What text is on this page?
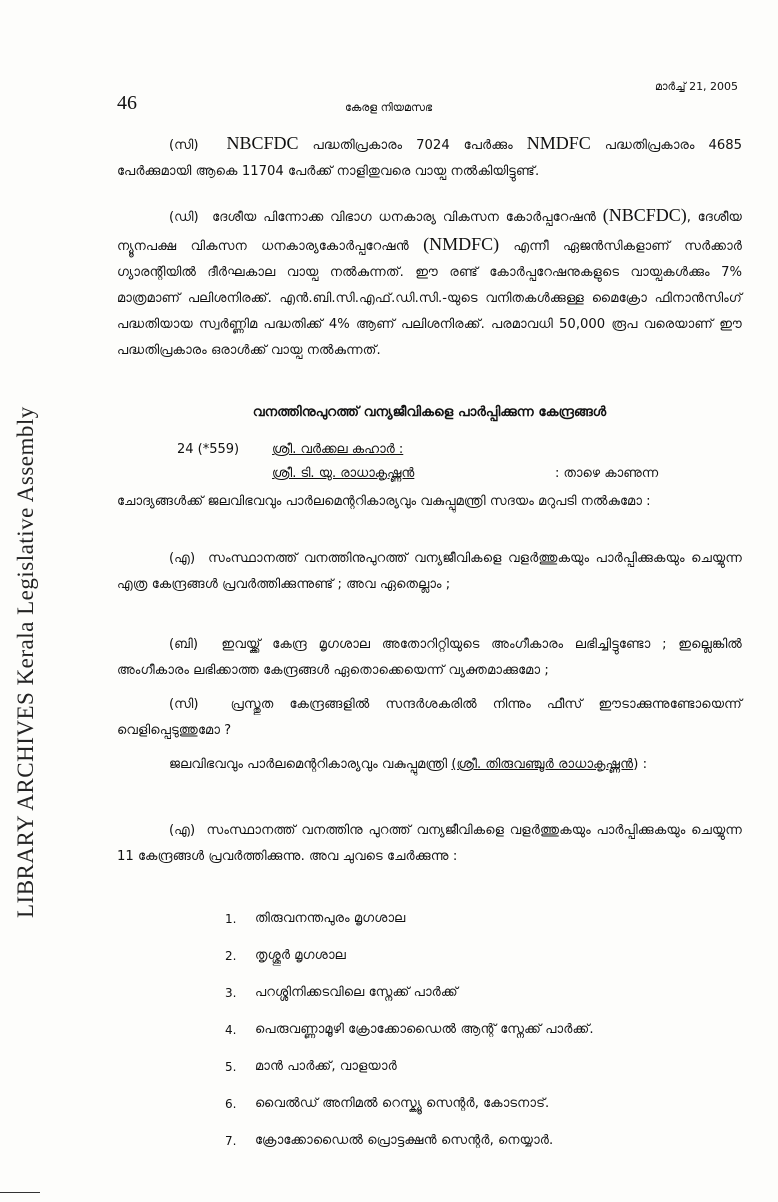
46	കേരള നിയമസഭ
മാർച്ച് 21, 2005
LIBRARY ARCHIVES Kerala Legislative Assembly

(സി) NBCFDC പദ്ധതിപ്രകാരം 7024 പേർക്കും NMDFC പദ്ധതിപ്രകാരം 4685 പേർക്കുമായി ആകെ 11704 പേർക്ക് നാളിതുവരെ വായ്പ നൽകിയിട്ടുണ്ട്.

(ഡി) ദേശീയ പിന്നോക്ക വിഭാഗ ധനകാര്യ വികസന കോർപ്പറേഷൻ (NBCFDC), ദേശീയ ന്യൂനപക്ഷ വികസന ധനകാര്യകോർപ്പറേഷൻ (NMDFC) എന്നീ ഏജൻസികളാണ് സർക്കാർ ഗ്യാരന്റിയിൽ ദീർഘകാല വായ്പ നൽകുന്നത്. ഈ രണ്ട് കോർപ്പറേഷനുകളുടെ വായ്പകൾക്കും 7% മാത്രമാണ് പലിശനിരക്ക്. എൻ.ബി.സി.എഫ്.ഡി.സി.-യുടെ വനിതകൾക്കുള്ള മൈക്രോ ഫിനാൻസിംഗ് പദ്ധതിയായ സ്വർണ്ണിമ പദ്ധതിക്ക് 4% ആണ് പലിശനിരക്ക്. പരമാവധി 50,000 രൂപ വരെയാണ് ഈ പദ്ധതിപ്രകാരം ഒരാൾക്ക് വായ്പ നൽകുന്നത്.

വനത്തിനുപുറത്ത് വന്യജീവികളെ പാർപ്പിക്കുന്ന കേന്ദ്രങ്ങൾ
24 (*559)	ശ്രീ. വർക്കല കഹാർ :
ശ്രീ. ടി. യു. രാധാകൃഷ്ണൻ	: താഴെ കാണുന്ന

ചോദ്യങ്ങൾക്ക് ജലവിഭവവും പാർലമെന്ററികാര്യവും വകുപ്പുമന്ത്രി സദയം മറുപടി നൽകുമോ :

(എ) സംസ്ഥാനത്ത് വനത്തിനുപുറത്ത് വന്യജീവികളെ വളർത്തുകയും പാർപ്പിക്കുകയും ചെയ്യുന്ന എത്ര കേന്ദ്രങ്ങൾ പ്രവർത്തിക്കുന്നുണ്ട് ; അവ ഏതെല്ലാം ;

(ബി) ഇവയ്ക്ക് കേന്ദ്ര മൃഗശാല അതോറിറ്റിയുടെ അംഗീകാരം ലഭിച്ചിട്ടുണ്ടോ ; ഇല്ലെങ്കിൽ അംഗീകാരം ലഭിക്കാത്ത കേന്ദ്രങ്ങൾ ഏതൊക്കെയെന്ന് വ്യക്തമാക്കുമോ ;

(സി) പ്രസ്തുത കേന്ദ്രങ്ങളിൽ സന്ദർശകരിൽ നിന്നും ഫീസ് ഈടാക്കുന്നുണ്ടോയെന്ന് വെളിപ്പെടുത്തുമോ ?

ജലവിഭവവും പാർലമെന്ററികാര്യവും വകുപ്പുമന്ത്രി (ശ്രീ. തിരുവഞ്ചൂർ രാധാകൃഷ്ണൻ) :

(എ) സംസ്ഥാനത്ത് വനത്തിനു പുറത്ത് വന്യജീവികളെ വളർത്തുകയും പാർപ്പിക്കുകയും ചെയ്യുന്ന 11 കേന്ദ്രങ്ങൾ പ്രവർത്തിക്കുന്നു. അവ ചുവടെ ചേർക്കുന്നു :

1.	തിരുവനന്തപുരം മൃഗശാല
2.	തൃശ്ശൂർ മൃഗശാല
3.	പറശ്ശിനിക്കടവിലെ സ്നേക്ക് പാർക്ക്
4.	പെരുവണ്ണാമൂഴി ക്രോക്കോഡൈൽ ആന്റ് സ്നേക്ക് പാർക്ക്.
5.	മാൻ പാർക്ക്, വാളയാർ
6.	വൈൽഡ് അനിമൽ റെസ്ക്യൂ സെന്റർ, കോടനാട്.
7.	ക്രോക്കോഡൈൽ പ്രൊട്ടക്ഷൻ സെന്റർ, നെയ്യാർ.
